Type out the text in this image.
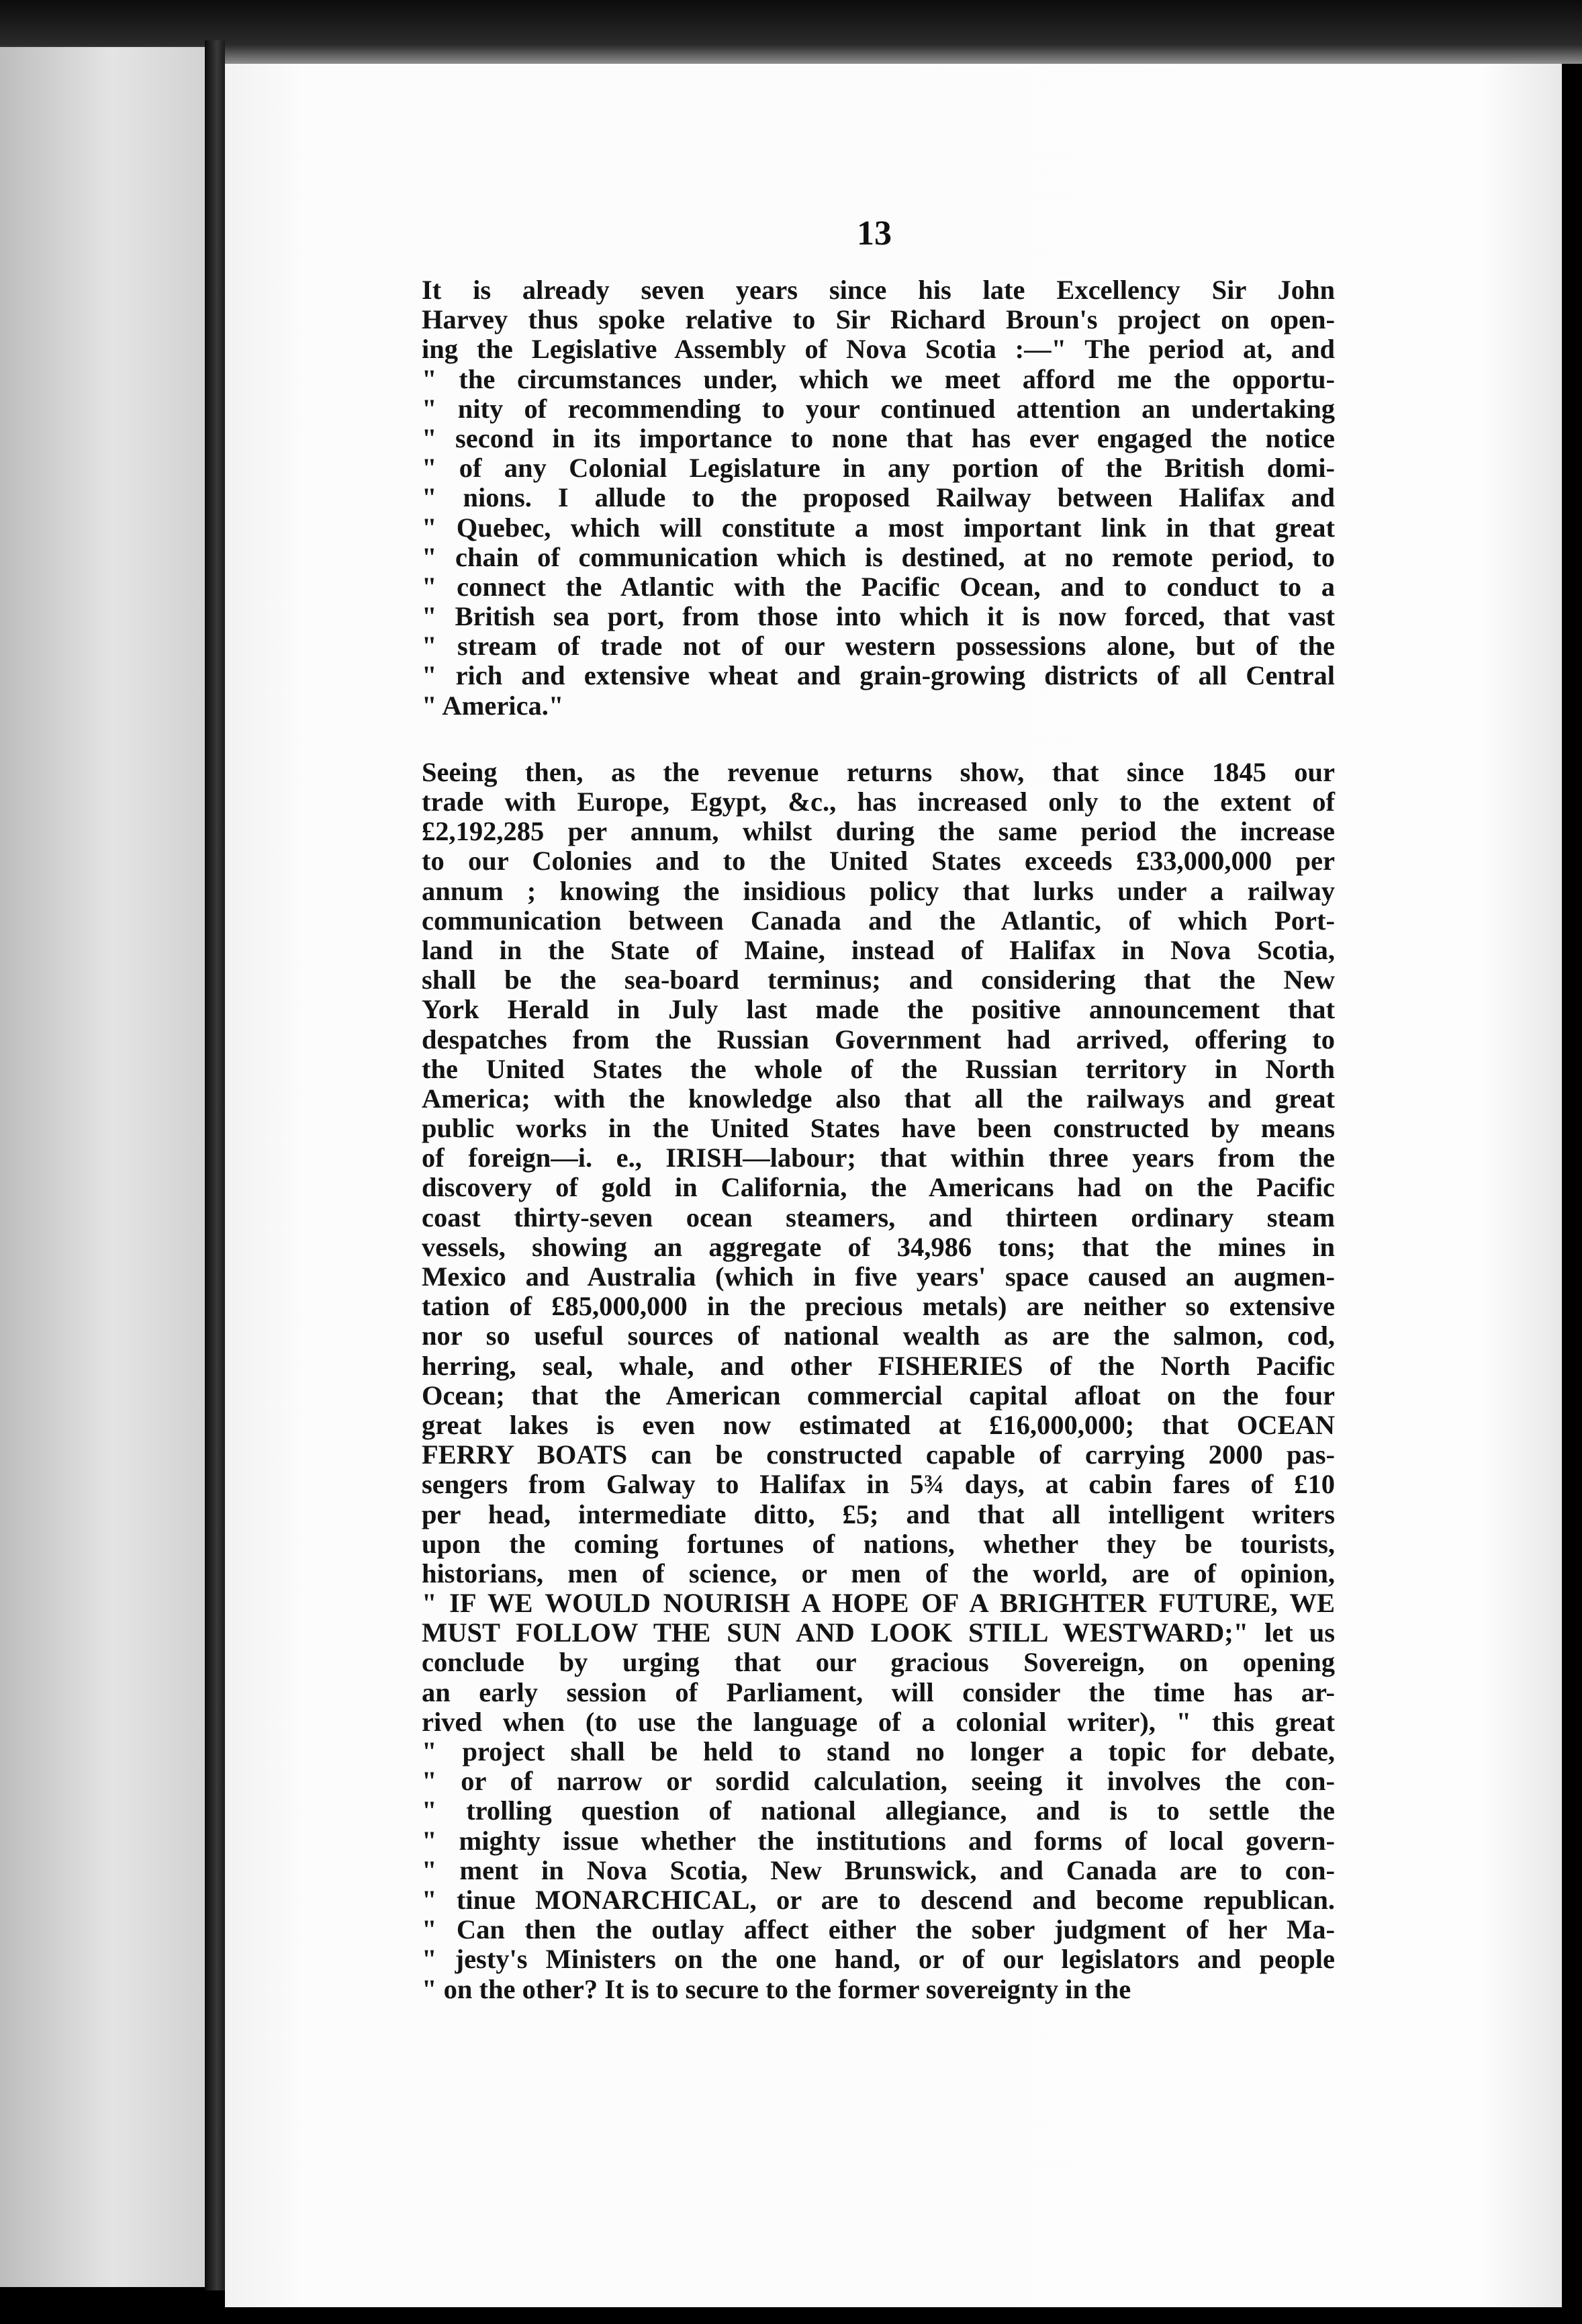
13
It is already seven years since his late Excellency Sir John
Harvey thus spoke relative to Sir Richard Broun's project on open-
ing the Legislative Assembly of Nova Scotia :—" The period at, and
" the circumstances under, which we meet afford me the opportu-
" nity of recommending to your continued attention an undertaking
" second in its importance to none that has ever engaged the notice
" of any Colonial Legislature in any portion of the British domi-
" nions. I allude to the proposed Railway between Halifax and
" Quebec, which will constitute a most important link in that great
" chain of communication which is destined, at no remote period, to
" connect the Atlantic with the Pacific Ocean, and to conduct to a
" British sea port, from those into which it is now forced, that vast
" stream of trade not of our western possessions alone, but of the
" rich and extensive wheat and grain-growing districts of all Central
" America."
Seeing then, as the revenue returns show, that since 1845 our
trade with Europe, Egypt, &c., has increased only to the extent of
£2,192,285 per annum, whilst during the same period the increase
to our Colonies and to the United States exceeds £33,000,000 per
annum ; knowing the insidious policy that lurks under a railway
communication between Canada and the Atlantic, of which Port-
land in the State of Maine, instead of Halifax in Nova Scotia,
shall be the sea-board terminus; and considering that the New
York Herald in July last made the positive announcement that
despatches from the Russian Government had arrived, offering to
the United States the whole of the Russian territory in North
America; with the knowledge also that all the railways and great
public works in the United States have been constructed by means
of foreign—i. e., IRISH—labour; that within three years from the
discovery of gold in California, the Americans had on the Pacific
coast thirty-seven ocean steamers, and thirteen ordinary steam
vessels, showing an aggregate of 34,986 tons; that the mines in
Mexico and Australia (which in five years' space caused an augmen-
tation of £85,000,000 in the precious metals) are neither so extensive
nor so useful sources of national wealth as are the salmon, cod,
herring, seal, whale, and other FISHERIES of the North Pacific
Ocean; that the American commercial capital afloat on the four
great lakes is even now estimated at £16,000,000; that OCEAN
FERRY BOATS can be constructed capable of carrying 2000 pas-
sengers from Galway to Halifax in 5¾ days, at cabin fares of £10
per head, intermediate ditto, £5; and that all intelligent writers
upon the coming fortunes of nations, whether they be tourists,
historians, men of science, or men of the world, are of opinion,
" IF WE WOULD NOURISH A HOPE OF A BRIGHTER FUTURE, WE
MUST FOLLOW THE SUN AND LOOK STILL WESTWARD;" let us
conclude by urging that our gracious Sovereign, on opening
an early session of Parliament, will consider the time has ar-
rived when (to use the language of a colonial writer), " this great
" project shall be held to stand no longer a topic for debate,
" or of narrow or sordid calculation, seeing it involves the con-
" trolling question of national allegiance, and is to settle the
" mighty issue whether the institutions and forms of local govern-
" ment in Nova Scotia, New Brunswick, and Canada are to con-
" tinue MONARCHICAL, or are to descend and become republican.
" Can then the outlay affect either the sober judgment of her Ma-
" jesty's Ministers on the one hand, or of our legislators and people
" on the other? It is to secure to the former sovereignty in the
